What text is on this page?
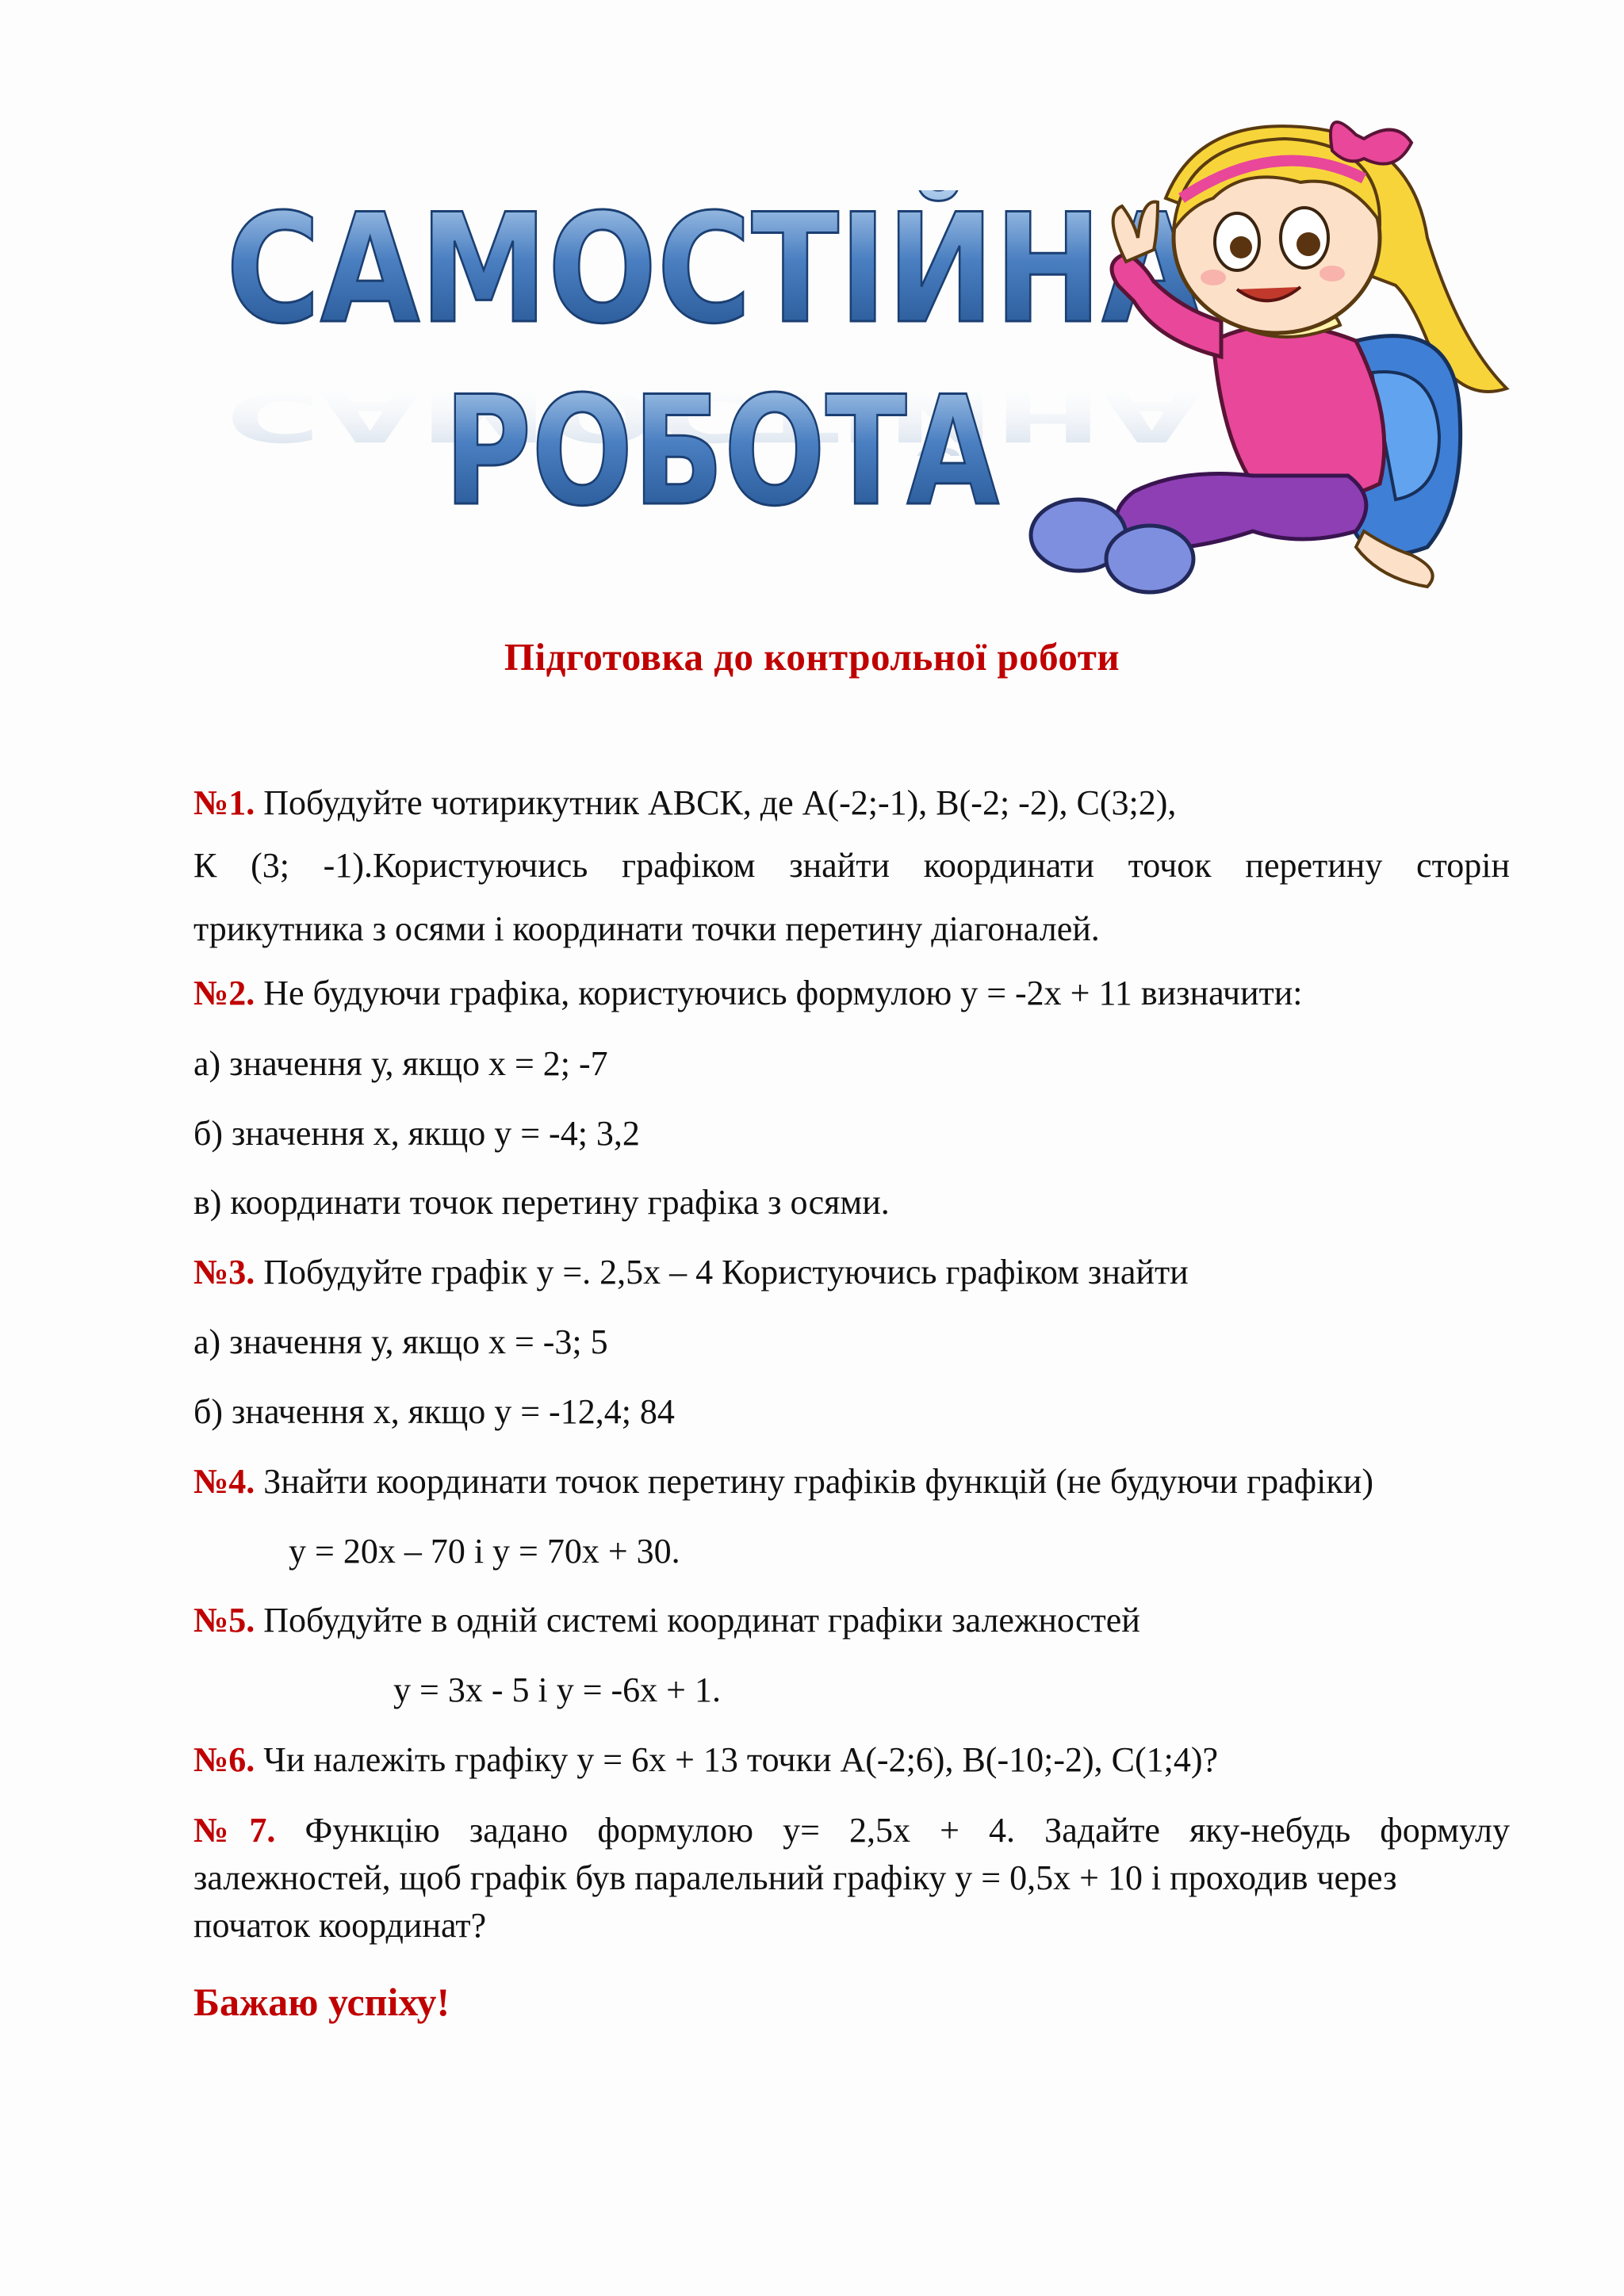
САМОСТІЙ
САМОСТІЙНА
РОБОТА
Підготовка до контрольної роботи
№1. Побудуйте чотирикутник АВСК, де А(-2;-1), В(-2; -2), С(3;2),
К (3; -1).Користуючись графіком знайти координати точок перетину сторін
трикутника з осями і координати точки перетину діагоналей.
№2. Не будуючи графіка, користуючись формулою у = -2х + 11 визначити:
а) значення у, якщо х = 2; -7
б) значення х, якщо у = -4; 3,2
в) координати точок перетину графіка з осями.
№3. Побудуйте графік у =. 2,5х – 4 Користуючись графіком знайти
а) значення у, якщо х = -3; 5
б) значення х, якщо у = -12,4; 84
№4. Знайти координати точок перетину графіків функцій (не будуючи графіки)
у = 20х – 70 і у = 70х + 30.
№5. Побудуйте в одній системі координат графіки залежностей
у = 3х - 5 і у = -6х + 1.
№6. Чи належіть графіку у = 6х + 13 точки А(-2;6), В(-10;-2), С(1;4)?
№7. Функцію задано формулою у= 2,5х + 4. Задайте яку-небудь формулу
залежностей, щоб графік був паралельний графіку у = 0,5х + 10 і проходив через
початок координат?
Бажаю успіху!
